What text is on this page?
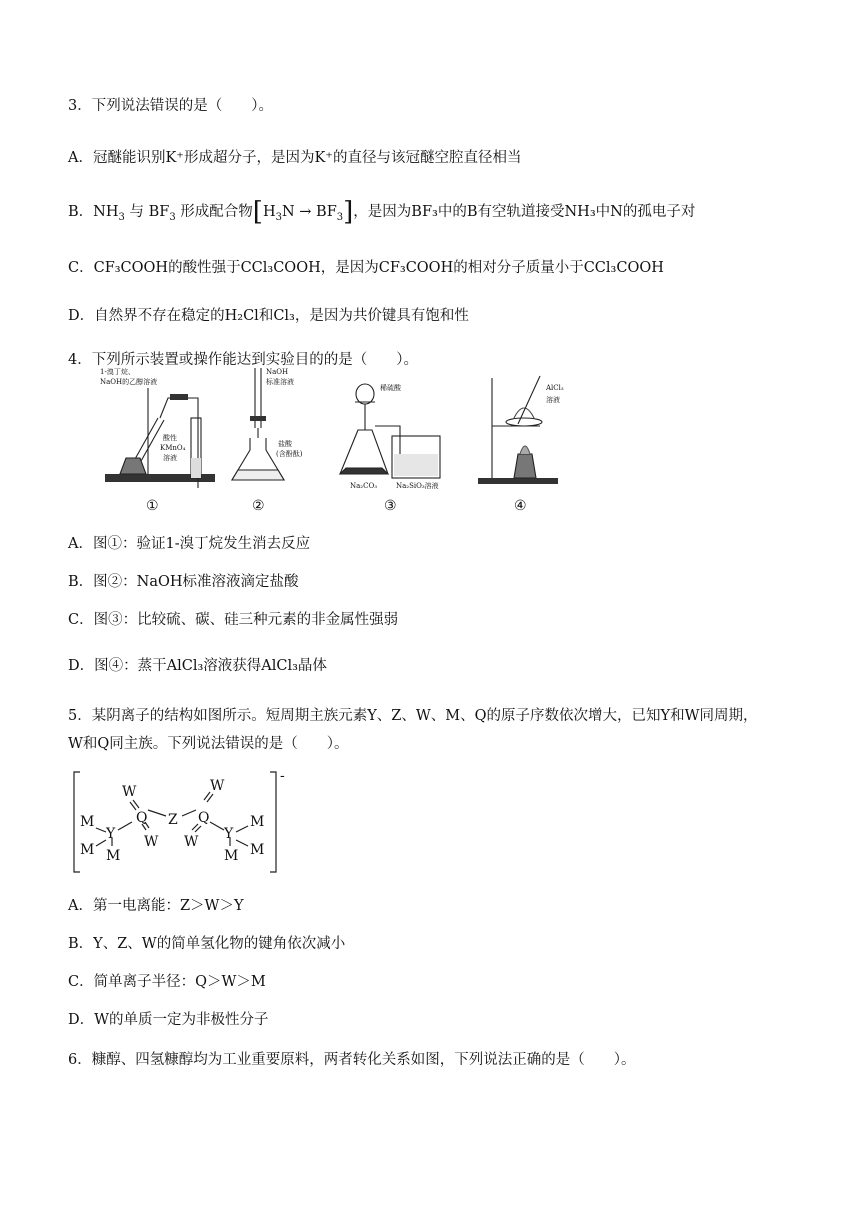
3．下列说法错误的是（　　）。
A．冠醚能识别K⁺形成超分子，是因为K⁺的直径与该冠醚空腔直径相当
B．$NH_3$ 与 $BF_3$ 形成配合物$[H_3N \to BF_3]$，是因为BF₃中的B有空轨道接受NH₃中N的孤电子对
C．CF₃COOH的酸性强于CCl₃COOH，是因为CF₃COOH的相对分子质量小于CCl₃COOH
D．自然界不存在稳定的H₂Cl和Cl₃，是因为共价键具有饱和性
4．下列所示装置或操作能达到实验目的的是（　　）。
1-溴丁烷、
NaOH的乙醇溶液
酸性
KMnO₄
溶液
NaOH
标准溶液
盐酸
(含酚酞)
稀硫酸
Na₂CO₃	Na₂SiO₃溶液
AlCl₃
溶液
①	②	③	④
A．图①：验证1-溴丁烷发生消去反应
B．图②：NaOH标准溶液滴定盐酸
C．图③：比较硫、碳、硅三种元素的非金属性强弱
D．图④：蒸干AlCl₃溶液获得AlCl₃晶体
5．某阴离子的结构如图所示。短周期主族元素Y、Z、W、M、Q的原子序数依次增大，已知Y和W同周期，
W和Q同主族。下列说法错误的是（　　）。
-
W
Q Z Q
W
W W
Y	Y
M
M M
M
M
M
A．第一电离能：Z＞W＞Y
B．Y、Z、W的简单氢化物的键角依次减小
C．简单离子半径：Q＞W＞M
D．W的单质一定为非极性分子
6．糠醇、四氢糠醇均为工业重要原料，两者转化关系如图，下列说法正确的是（　　）。
